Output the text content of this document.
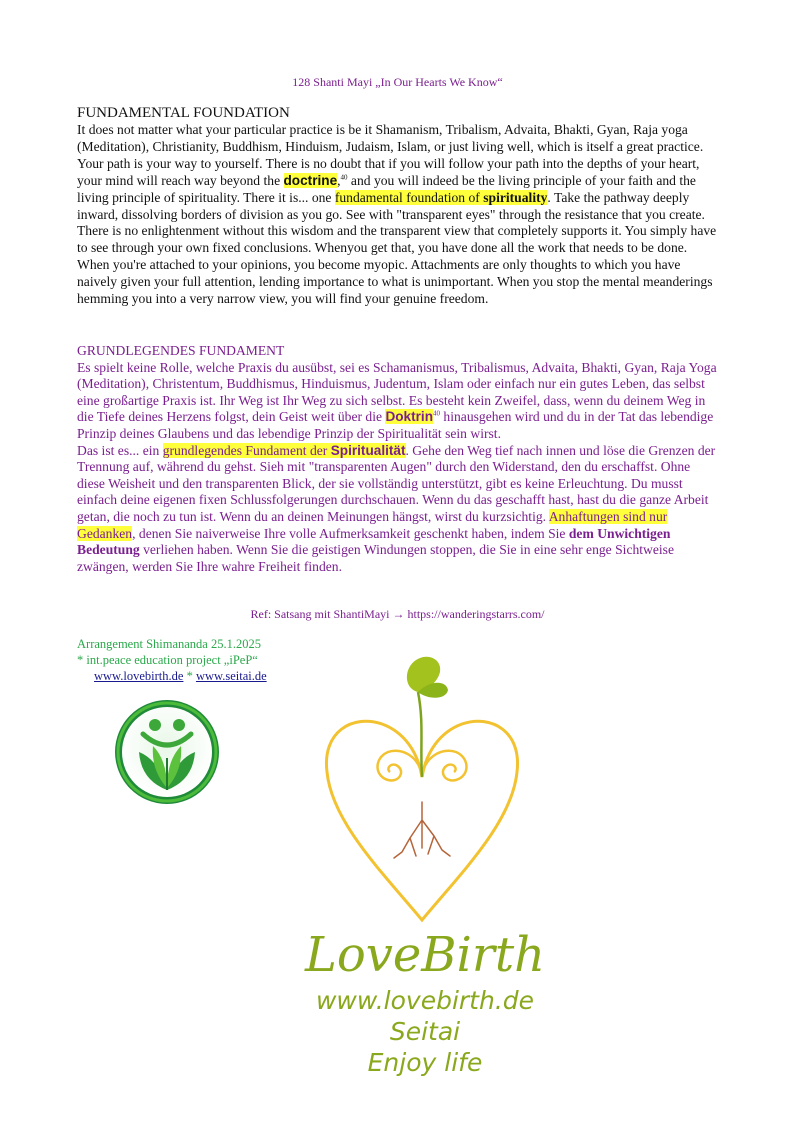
128 Shanti Mayi „In Our Hearts We Know“
FUNDAMENTAL FOUNDATION
It does not matter what your particular practice is be it Shamanism, Tribalism, Advaita, Bhakti, Gyan, Raja yoga (Meditation), Christianity, Buddhism, Hinduism, Judaism, Islam, or just living well, which is itself a great practice. Your path is your way to yourself. There is no doubt that if you will follow your path into the depths of your heart, your mind will reach way beyond the doctrine,$^{40}$ and you will indeed be the living principle of your faith and the living principle of spirituality. There it is... one fundamental foundation of spirituality. Take the pathway deeply inward, dissolving borders of division as you go. See with "transparent eyes" through the resistance that you create. There is no enlightenment without this wisdom and the transparent view that completely supports it. You simply have to see through your own fixed conclusions. Whenyou get that, you have done all the work that needs to be done. When you're attached to your opinions, you become myopic. Attachments are only thoughts to which you have naively given your full attention, lending importance to what is unimportant. When you stop the mental meanderings hemming you into a very narrow view, you will find your genuine freedom.
GRUNDLEGENDES FUNDAMENT
Es spielt keine Rolle, welche Praxis du ausübst, sei es Schamanismus, Tribalismus, Advaita, Bhakti, Gyan, Raja Yoga (Meditation), Christentum, Buddhismus, Hinduismus, Judentum, Islam oder einfach nur ein gutes Leben, das selbst eine großartige Praxis ist. Ihr Weg ist Ihr Weg zu sich selbst. Es besteht kein Zweifel, dass, wenn du deinem Weg in die Tiefe deines Herzens folgst, dein Geist weit über die Doktrin$^{40}$ hinausgehen wird und du in der Tat das lebendige Prinzip deines Glaubens und das lebendige Prinzip der Spiritualität sein wirst.
Das ist es... ein grundlegendes Fundament der Spiritualität. Gehe den Weg tief nach innen und löse die Grenzen der Trennung auf, während du gehst. Sieh mit "transparenten Augen" durch den Widerstand, den du erschaffst. Ohne diese Weisheit und den transparenten Blick, der sie vollständig unterstützt, gibt es keine Erleuchtung. Du musst einfach deine eigenen fixen Schlussfolgerungen durchschauen. Wenn du das geschafft hast, hast du die ganze Arbeit getan, die noch zu tun ist. Wenn du an deinen Meinungen hängst, wirst du kurzsichtig. Anhaftungen sind nur Gedanken, denen Sie naiverweise Ihre volle Aufmerksamkeit geschenkt haben, indem Sie dem Unwichtigen Bedeutung verliehen haben. Wenn Sie die geistigen Windungen stoppen, die Sie in eine sehr enge Sichtweise zwängen, werden Sie Ihre wahre Freiheit finden.
Ref: Satsang mit ShantiMayi → https://wanderingstarrs.com/
Arrangement Shimananda 25.1.2025
* int.peace education project „iPeP“
www.lovebirth.de * www.seitai.de
LoveBirth
www.lovebirth.de
Seitai
Enjoy life
